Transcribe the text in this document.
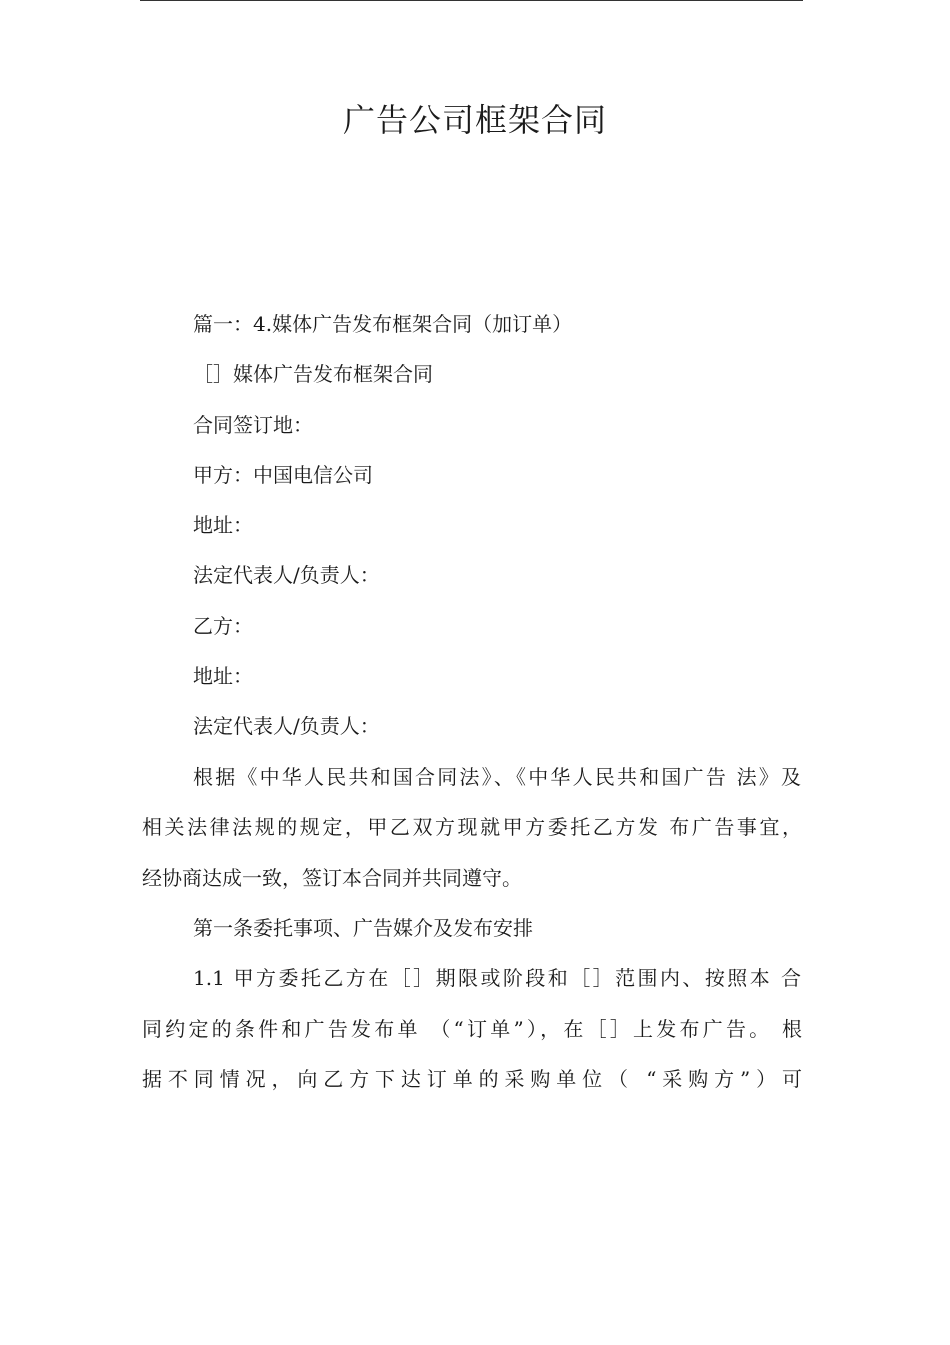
广告公司框架合同
篇一：4.媒体广告发布框架合同（加订单）
［］媒体广告发布框架合同
合同签订地：
甲方：中国电信公司
地址：
法定代表人/负责人：
乙方：
地址：
法定代表人/负责人：
根据《中华人民共和国合同法》、《中华人民共和国广告 法》及
相关法律法规的规定，甲乙双方现就甲方委托乙方发 布广告事宜，
经协商达成一致，签订本合同并共同遵守。
第一条委托事项、广告媒介及发布安排
1.1 甲方委托乙方在［］期限或阶段和［］范围内、按照本 合
同约定的条件和广告发布单 （“订单”），在［］上发布广告。 根
据不同情况，向乙方下达订单的采购单位（ “采购方”）可
